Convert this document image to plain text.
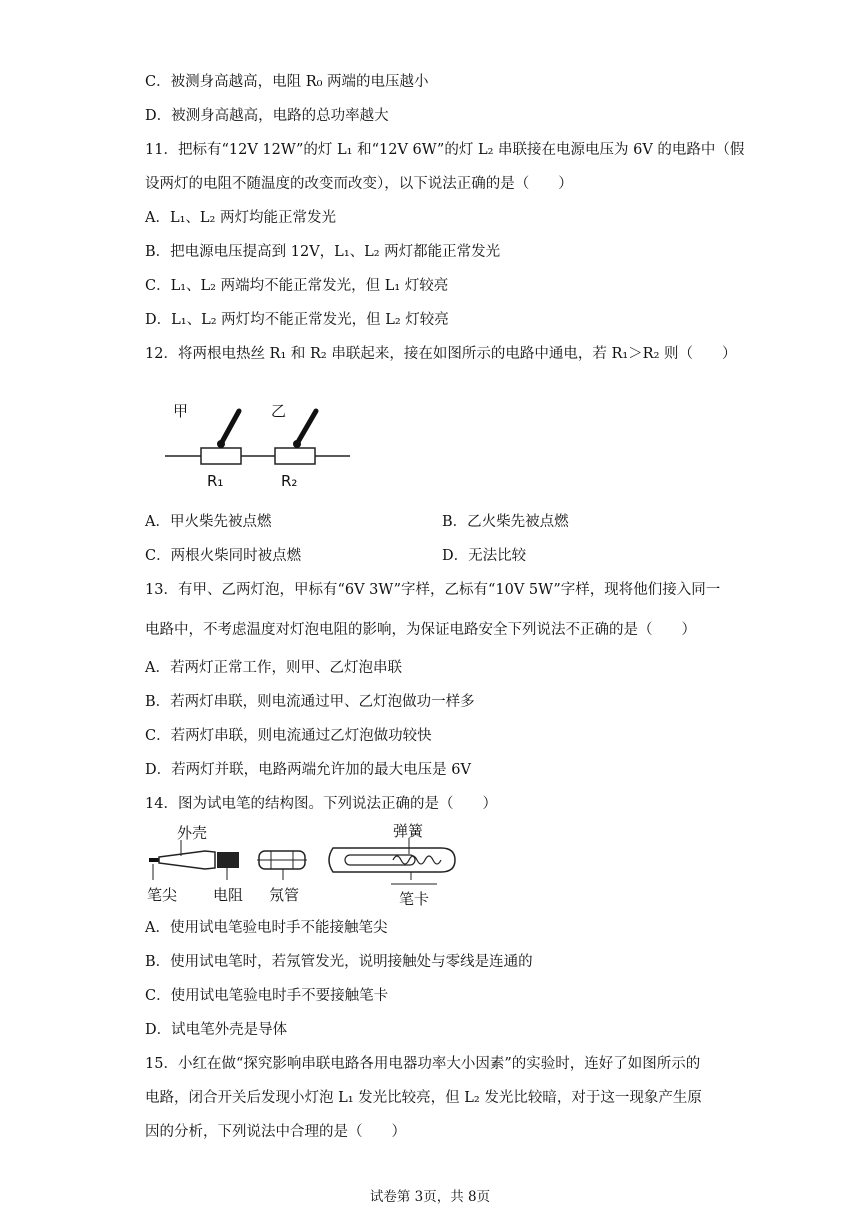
C．被测身高越高，电阻 R₀ 两端的电压越小
D．被测身高越高，电路的总功率越大
11．把标有“12V 12W”的灯 L₁ 和“12V 6W”的灯 L₂ 串联接在电源电压为 6V 的电路中（假
设两灯的电阻不随温度的改变而改变），以下说法正确的是（　　）
A．L₁、L₂ 两灯均能正常发光
B．把电源电压提高到 12V，L₁、L₂ 两灯都能正常发光
C．L₁、L₂ 两端均不能正常发光，但 L₁ 灯较亮
D．L₁、L₂ 两灯均不能正常发光，但 L₂ 灯较亮
12．将两根电热丝 R₁ 和 R₂ 串联起来，接在如图所示的电路中通电，若 R₁＞R₂ 则（　　）
甲	乙
R₁	R₂
A．甲火柴先被点燃	B．乙火柴先被点燃
C．两根火柴同时被点燃	D．无法比较
13．有甲、乙两灯泡，甲标有“6V 3W”字样，乙标有“10V 5W”字样，现将他们接入同一
电路中，不考虑温度对灯泡电阻的影响，为保证电路安全下列说法不正确的是（　　）
A．若两灯正常工作，则甲、乙灯泡串联
B．若两灯串联，则电流通过甲、乙灯泡做功一样多
C．若两灯串联，则电流通过乙灯泡做功较快
D．若两灯并联，电路两端允许加的最大电压是 6V
14．图为试电笔的结构图。下列说法正确的是（　　）
外壳	弹簧
笔尖 电阻 氖管	笔卡
A．使用试电笔验电时手不能接触笔尖
B．使用试电笔时，若氖管发光，说明接触处与零线是连通的
C．使用试电笔验电时手不要接触笔卡
D．试电笔外壳是导体
15．小红在做“探究影响串联电路各用电器功率大小因素”的实验时，连好了如图所示的
电路，闭合开关后发现小灯泡 L₁ 发光比较亮，但 L₂ 发光比较暗，对于这一现象产生原
因的分析，下列说法中合理的是（　　）
试卷第 3页，共 8页
